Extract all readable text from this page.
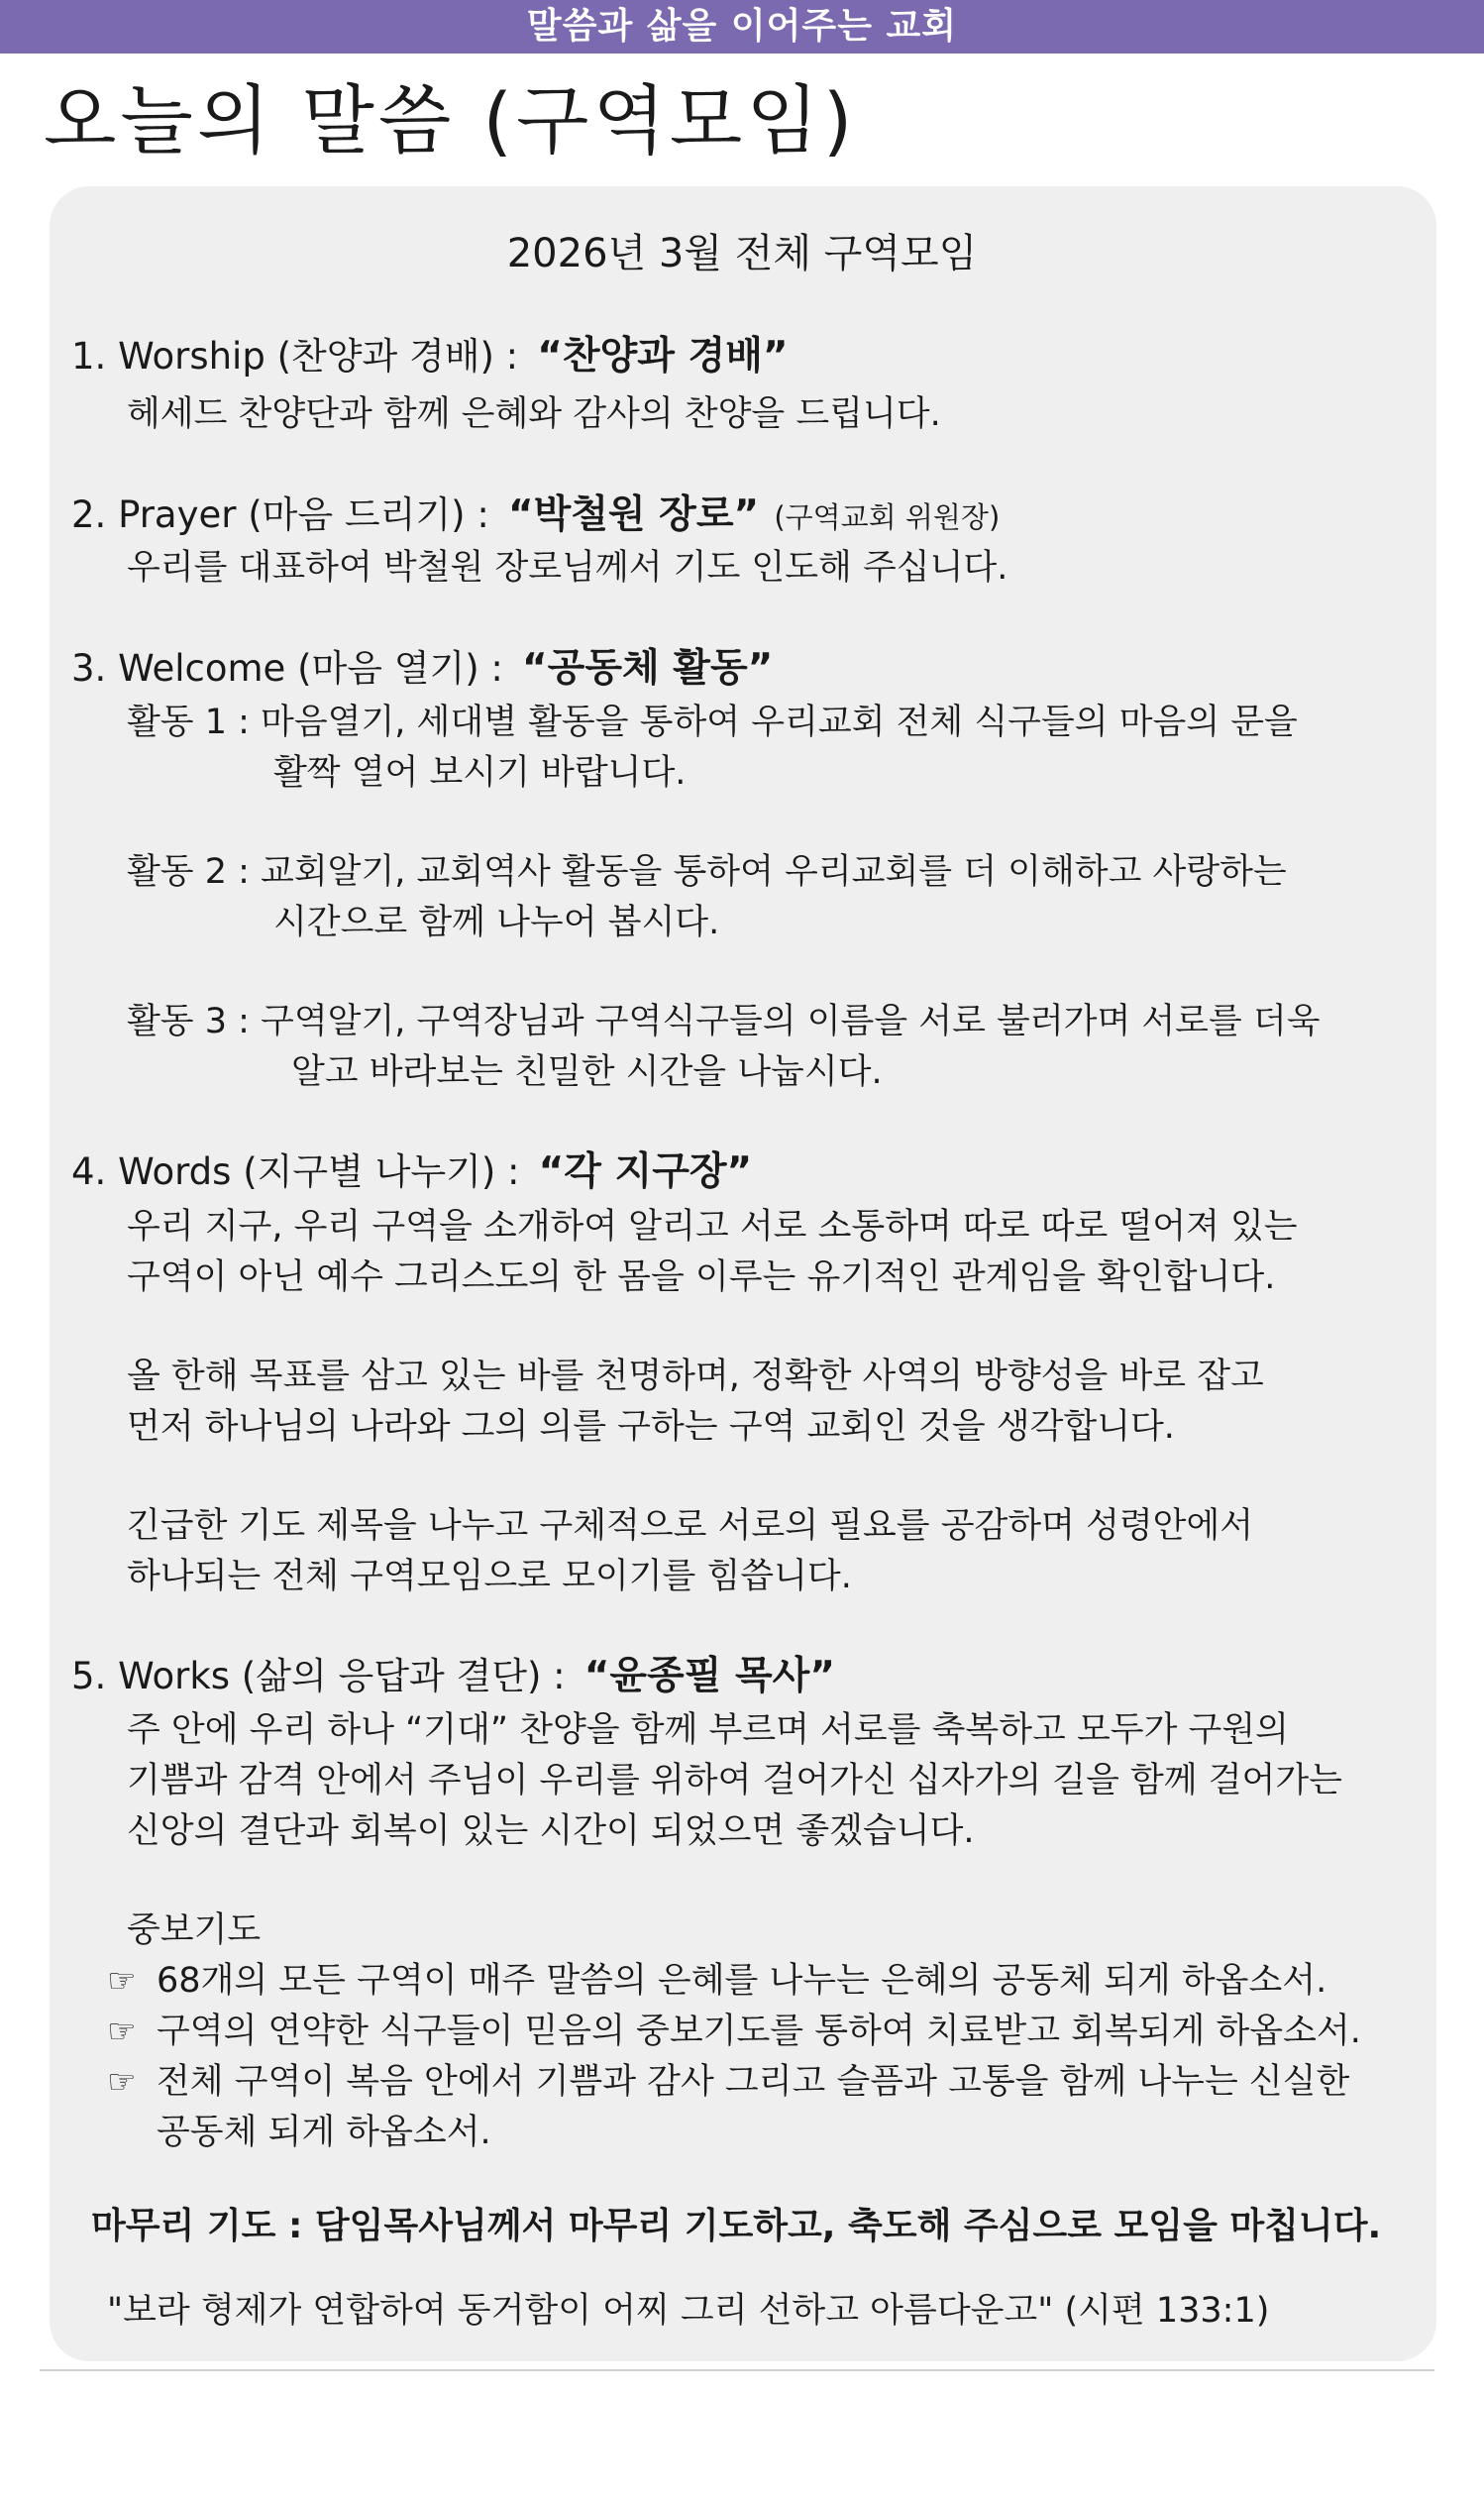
말씀과 삶을 이어주는 교회
오늘의 말씀 (구역모임)
2026년 3월 전체 구역모임
1. Worship (찬양과 경배) : “찬양과 경배”
헤세드 찬양단과 함께 은혜와 감사의 찬양을 드립니다.
2. Prayer (마음 드리기) : “박철원 장로” (구역교회 위원장)
우리를 대표하여 박철원 장로님께서 기도 인도해 주십니다.
3. Welcome (마음 열기) : “공동체 활동”
활동 1 : 마음열기, 세대별 활동을 통하여 우리교회 전체 식구들의 마음의 문을
활짝 열어 보시기 바랍니다.
활동 2 : 교회알기, 교회역사 활동을 통하여 우리교회를 더 이해하고 사랑하는
시간으로 함께 나누어 봅시다.
활동 3 : 구역알기, 구역장님과 구역식구들의 이름을 서로 불러가며 서로를 더욱
알고 바라보는 친밀한 시간을 나눕시다.
4. Words (지구별 나누기) : “각 지구장”
우리 지구, 우리 구역을 소개하여 알리고 서로 소통하며 따로 따로 떨어져 있는
구역이 아닌 예수 그리스도의 한 몸을 이루는 유기적인 관계임을 확인합니다.
올 한해 목표를 삼고 있는 바를 천명하며, 정확한 사역의 방향성을 바로 잡고
먼저 하나님의 나라와 그의 의를 구하는 구역 교회인 것을 생각합니다.
긴급한 기도 제목을 나누고 구체적으로 서로의 필요를 공감하며 성령안에서
하나되는 전체 구역모임으로 모이기를 힘씁니다.
5. Works (삶의 응답과 결단) : “윤종필 목사”
주 안에 우리 하나 “기대” 찬양을 함께 부르며 서로를 축복하고 모두가 구원의
기쁨과 감격 안에서 주님이 우리를 위하여 걸어가신 십자가의 길을 함께 걸어가는
신앙의 결단과 회복이 있는 시간이 되었으면 좋겠습니다.
중보기도
☞ 68개의 모든 구역이 매주 말씀의 은혜를 나누는 은혜의 공동체 되게 하옵소서.
☞ 구역의 연약한 식구들이 믿음의 중보기도를 통하여 치료받고 회복되게 하옵소서.
☞ 전체 구역이 복음 안에서 기쁨과 감사 그리고 슬픔과 고통을 함께 나누는 신실한
공동체 되게 하옵소서.
마무리 기도 : 담임목사님께서 마무리 기도하고, 축도해 주심으로 모임을 마칩니다.
"보라 형제가 연합하여 동거함이 어찌 그리 선하고 아름다운고" (시편 133:1)
